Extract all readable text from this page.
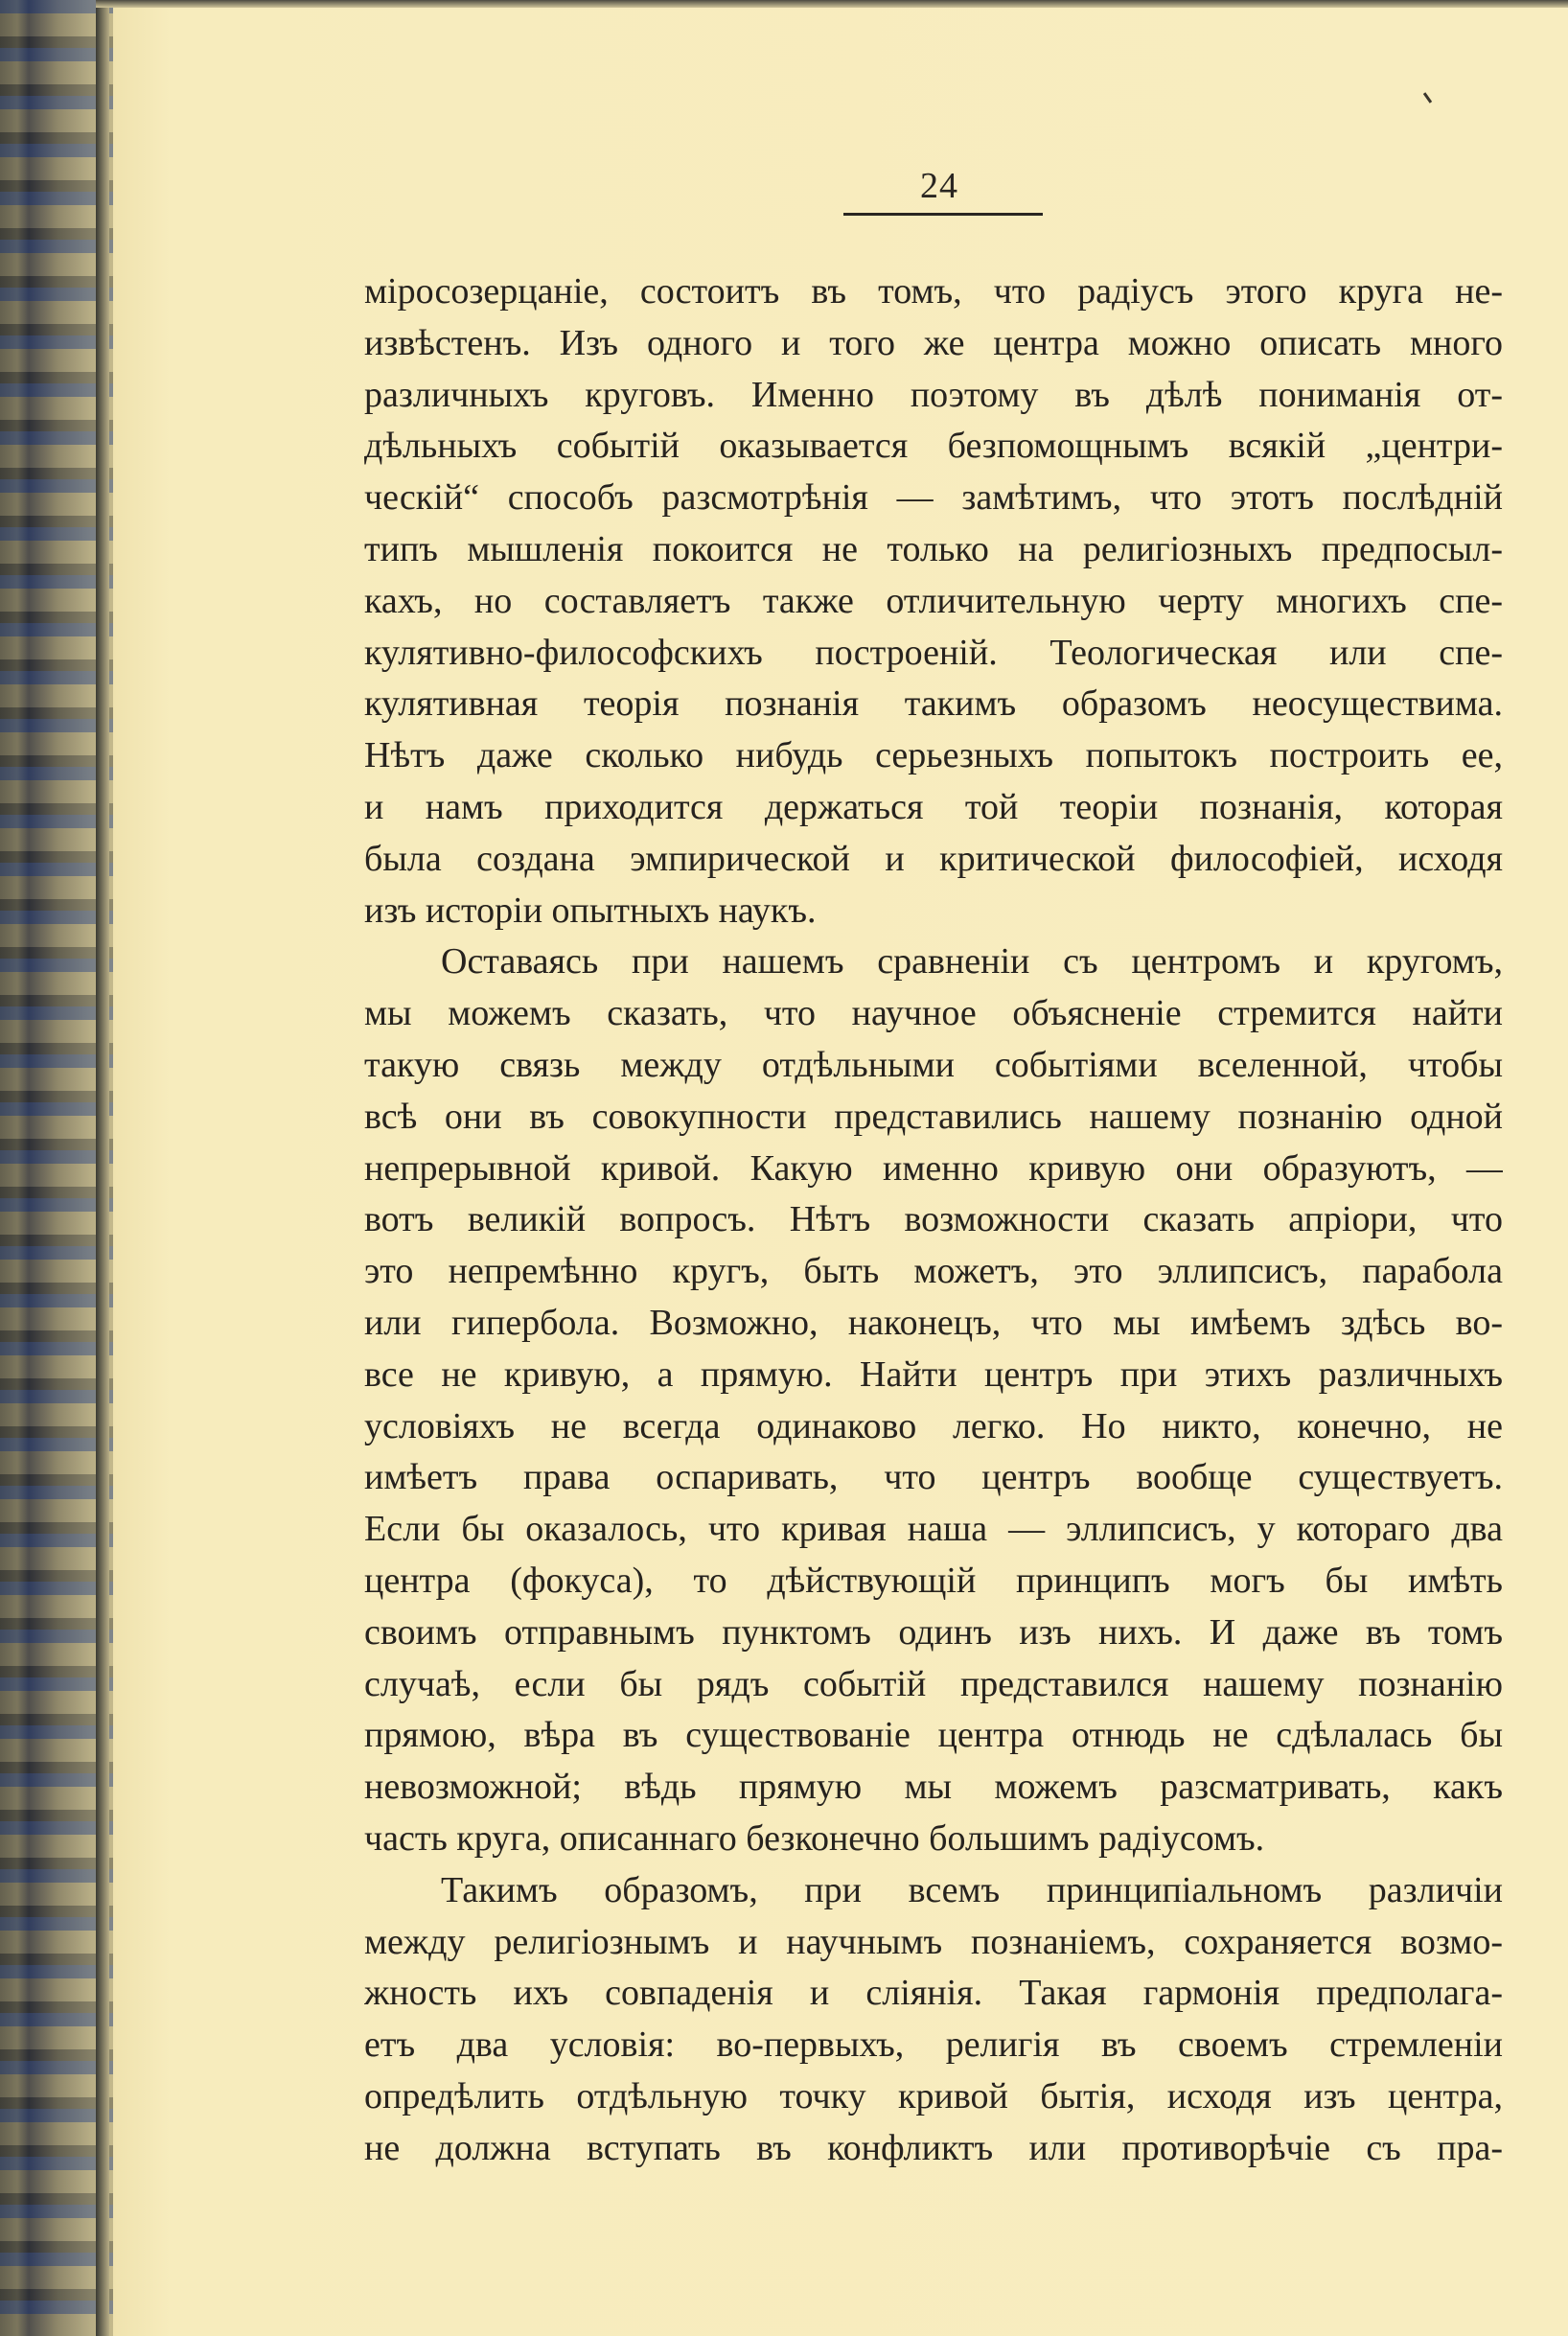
24
міросозерцаніе, состоитъ въ томъ, что радіусъ этого круга не-
извѣстенъ. Изъ одного и того же центра можно описать много
различныхъ круговъ. Именно поэтому въ дѣлѣ пониманія от-
дѣльныхъ событій оказывается безпомощнымъ всякій „центри-
ческій“ способъ разсмотрѣнія — замѣтимъ, что этотъ послѣдній
типъ мышленія покоится не только на религіозныхъ предпосыл-
кахъ, но составляетъ также отличительную черту многихъ спе-
кулятивно-философскихъ построеній. Теологическая или спе-
кулятивная теорія познанія такимъ образомъ неосуществима.
Нѣтъ даже сколько нибудь серьезныхъ попытокъ построить ее,
и намъ приходится держаться той теоріи познанія, которая
была создана эмпирической и критической философіей, исходя
изъ исторіи опытныхъ наукъ.
Оставаясь при нашемъ сравненіи съ центромъ и кругомъ,
мы можемъ сказать, что научное объясненіе стремится найти
такую связь между отдѣльными событіями вселенной, чтобы
всѣ они въ совокупности представились нашему познанію одной
непрерывной кривой. Какую именно кривую они образуютъ, —
вотъ великій вопросъ. Нѣтъ возможности сказать апріори, что
это непремѣнно кругъ, быть можетъ, это эллипсисъ, парабола
или гипербола. Возможно, наконецъ, что мы имѣемъ здѣсь во-
все не кривую, а прямую. Найти центръ при этихъ различныхъ
условіяхъ не всегда одинаково легко. Но никто, конечно, не
имѣетъ права оспаривать, что центръ вообще существуетъ.
Если бы оказалось, что кривая наша — эллипсисъ, у котораго два
центра (фокуса), то дѣйствующій принципъ могъ бы имѣть
своимъ отправнымъ пунктомъ одинъ изъ нихъ. И даже въ томъ
случаѣ, если бы рядъ событій представился нашему познанію
прямою, вѣра въ существованіе центра отнюдь не сдѣлалась бы
невозможной; вѣдь прямую мы можемъ разсматривать, какъ
часть круга, описаннаго безконечно большимъ радіусомъ.
Такимъ образомъ, при всемъ принципіальномъ различіи
между религіознымъ и научнымъ познаніемъ, сохраняется возмо-
жность ихъ совпаденія и сліянія. Такая гармонія предполага-
етъ два условія: во-первыхъ, религія въ своемъ стремленіи
опредѣлить отдѣльную точку кривой бытія, исходя изъ центра,
не должна вступать въ конфликтъ или противорѣчіе съ пра-
